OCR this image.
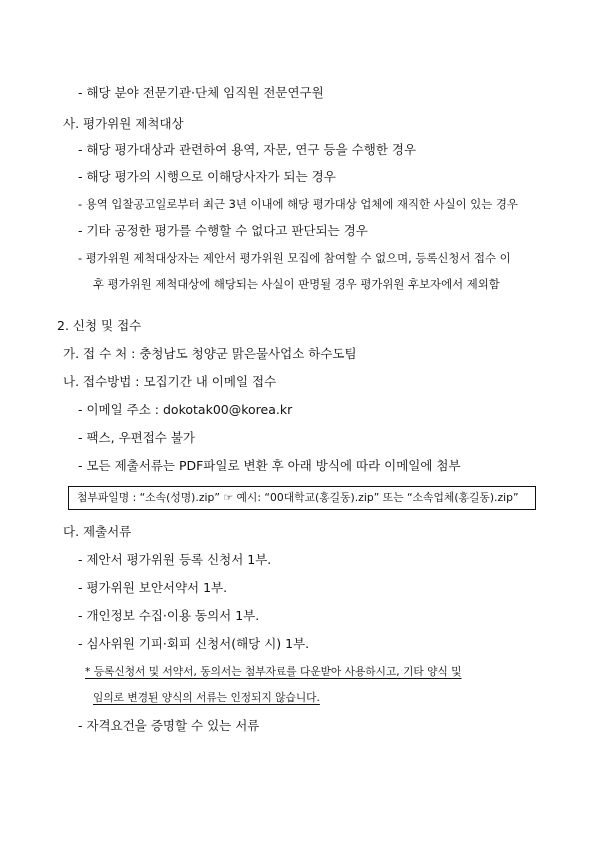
- 해당 분야 전문기관·단체 임직원 전문연구원
사. 평가위원 제척대상
- 해당 평가대상과 관련하여 용역, 자문, 연구 등을 수행한 경우
- 해당 평가의 시행으로 이해당사자가 되는 경우
- 용역 입찰공고일로부터 최근 3년 이내에 해당 평가대상 업체에 재직한 사실이 있는 경우
- 기타 공정한 평가를 수행할 수 없다고 판단되는 경우
- 평가위원 제척대상자는 제안서 평가위원 모집에 참여할 수 없으며, 등록신청서 접수 이
후 평가위원 제척대상에 해당되는 사실이 판명될 경우 평가위원 후보자에서 제외함
2. 신청 및 접수
가. 접 수 처 : 충청남도 청양군 맑은물사업소 하수도팀
나. 접수방법 : 모집기간 내 이메일 접수
- 이메일 주소 : dokotak00@korea.kr
- 팩스, 우편접수 불가
- 모든 제출서류는 PDF파일로 변환 후 아래 방식에 따라 이메일에 첨부
첨부파일명 : “소속(성명).zip” ☞ 예시: “00대학교(홍길동).zip” 또는 “소속업체(홍길동).zip”
다. 제출서류
- 제안서 평가위원 등록 신청서 1부.
- 평가위원 보안서약서 1부.
- 개인정보 수집·이용 동의서 1부.
- 심사위원 기피·회피 신청서(해당 시) 1부.
* 등록신청서 및 서약서, 동의서는 첨부자료를 다운받아 사용하시고, 기타 양식 및
임의로 변경된 양식의 서류는 인정되지 않습니다.
- 자격요건을 증명할 수 있는 서류
